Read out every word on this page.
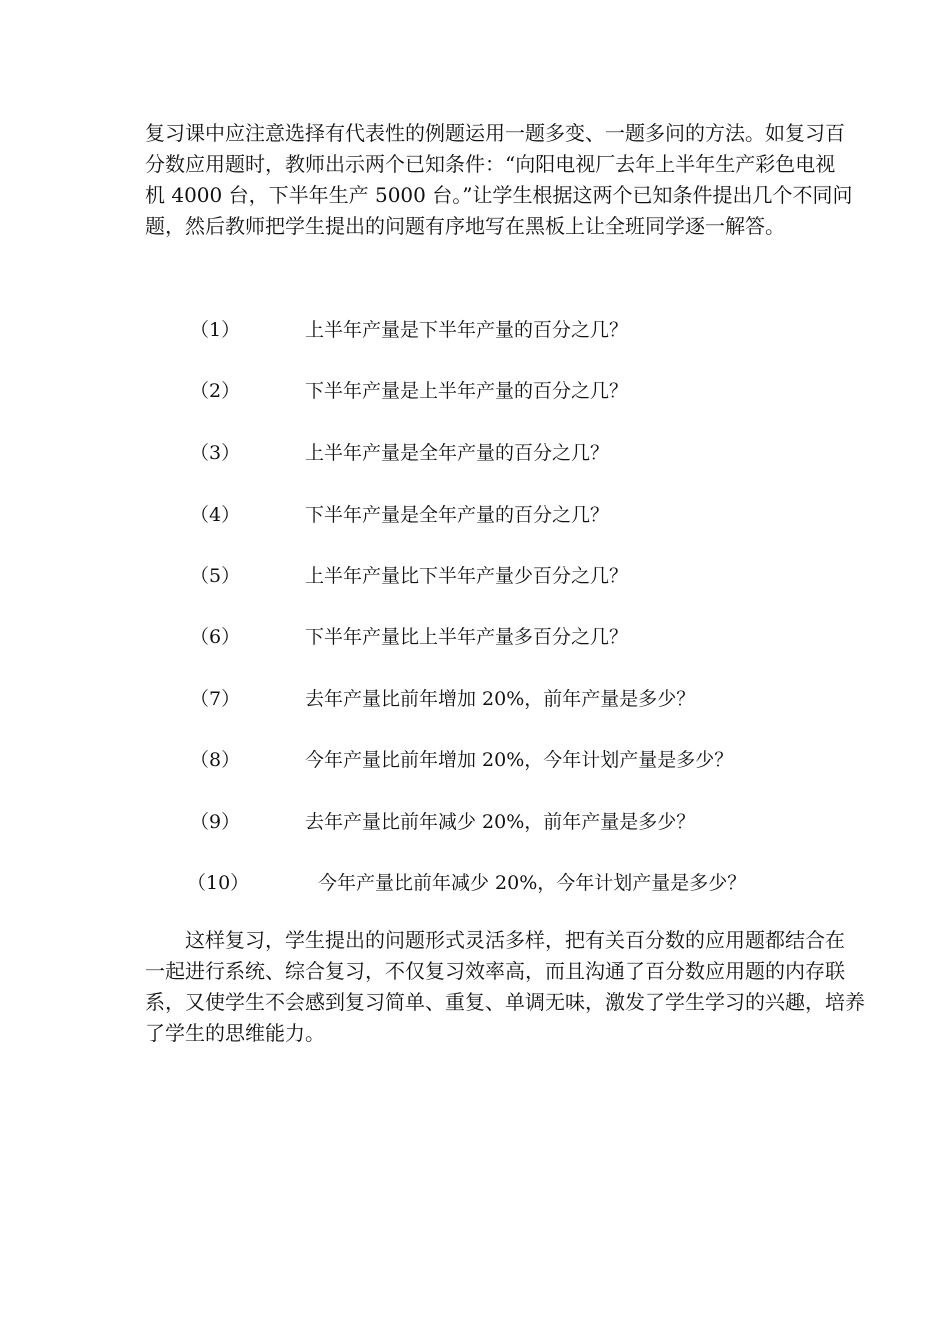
复习课中应注意选择有代表性的例题运用一题多变、一题多问的方法。如复习百
分数应用题时，教师出示两个已知条件：“向阳电视厂去年上半年生产彩色电视
机 4000 台，下半年生产 5000 台。”让学生根据这两个已知条件提出几个不同问
题，然后教师把学生提出的问题有序地写在黑板上让全班同学逐一解答。

（1）	上半年产量是下半年产量的百分之几？
（2）	下半年产量是上半年产量的百分之几？
（3）	上半年产量是全年产量的百分之几？
（4）	下半年产量是全年产量的百分之几？
（5）	上半年产量比下半年产量少百分之几？
（6）	下半年产量比上半年产量多百分之几？
（7）	去年产量比前年增加 20%，前年产量是多少？
（8）	今年产量比前年增加 20%，今年计划产量是多少？
（9）	去年产量比前年减少 20%，前年产量是多少？
（10）	今年产量比前年减少 20%，今年计划产量是多少？

　　这样复习，学生提出的问题形式灵活多样，把有关百分数的应用题都结合在
一起进行系统、综合复习，不仅复习效率高，而且沟通了百分数应用题的内存联
系，又使学生不会感到复习简单、重复、单调无味，激发了学生学习的兴趣，培养
了学生的思维能力。
